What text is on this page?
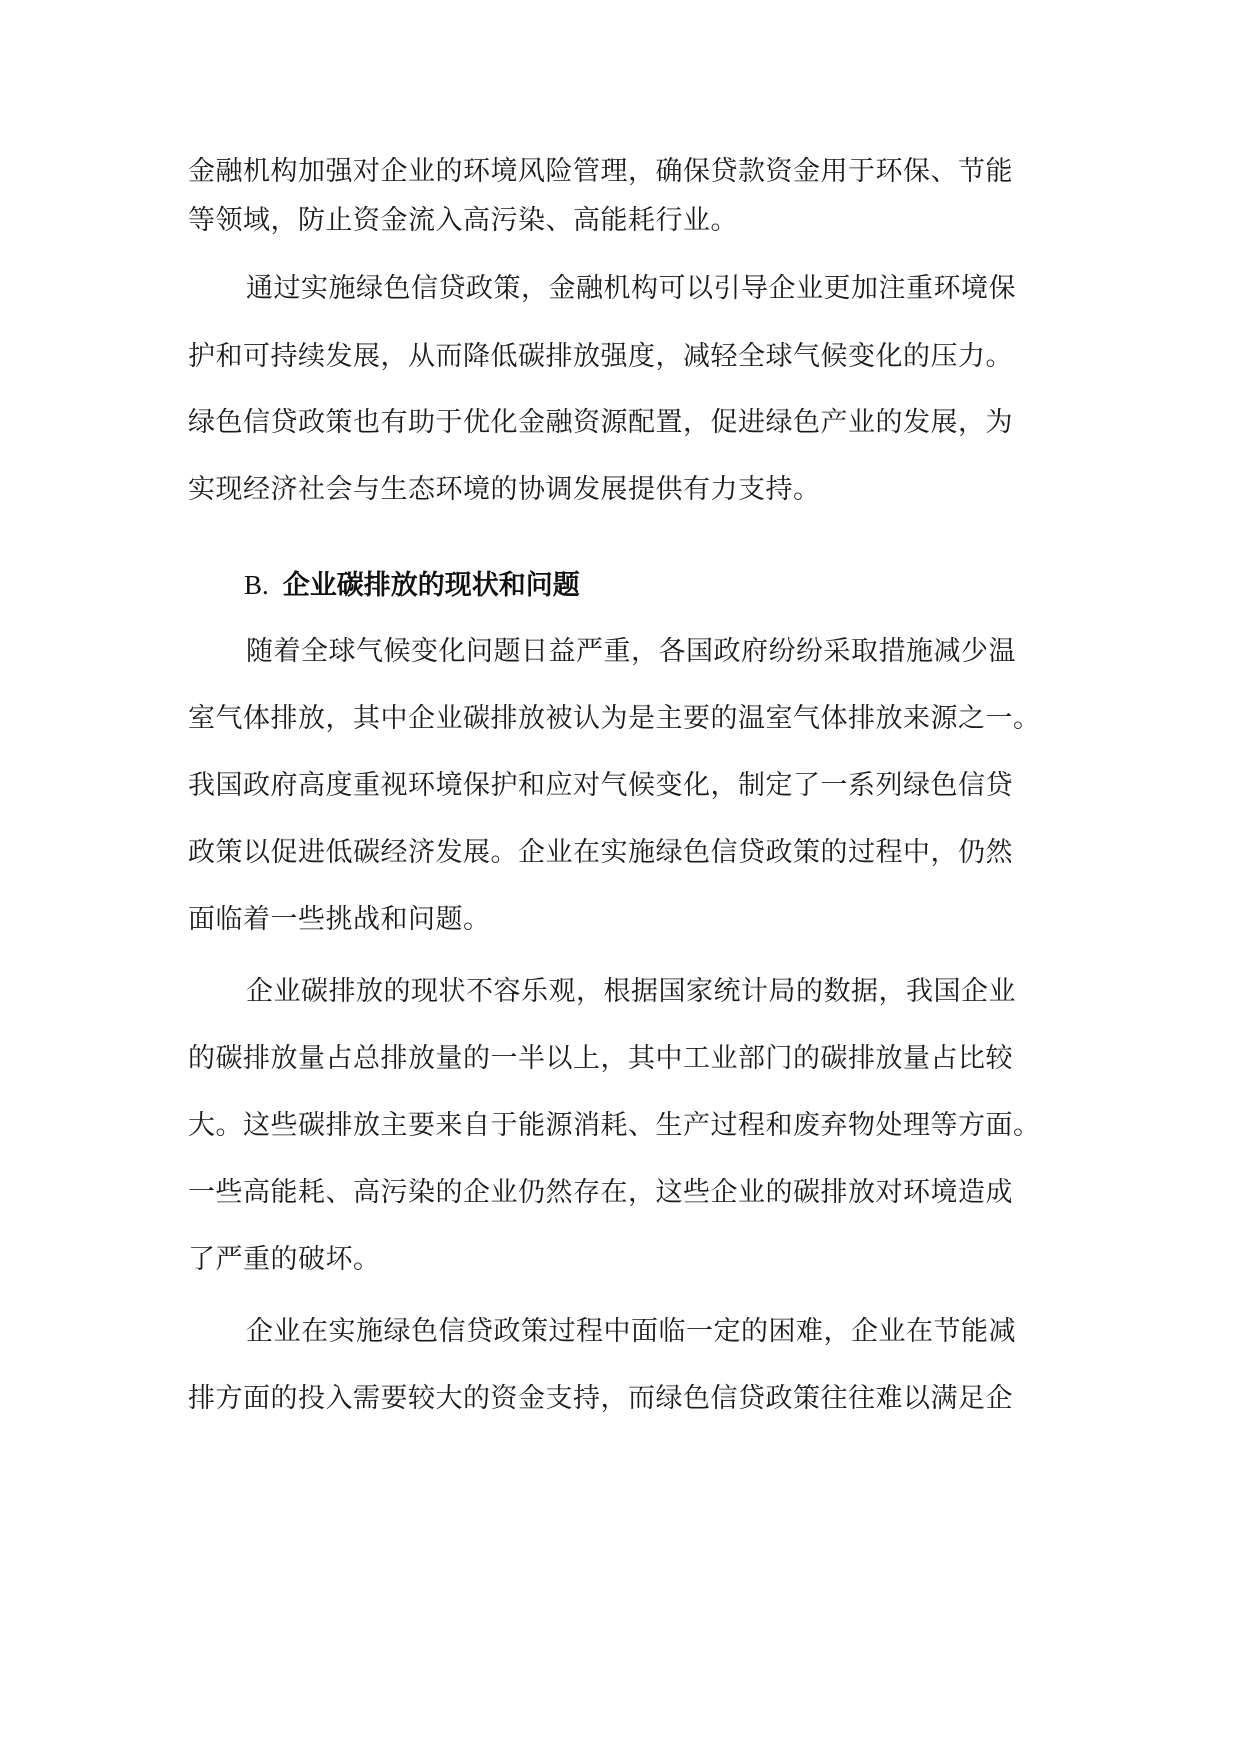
金融机构加强对企业的环境风险管理，确保贷款资金用于环保、节能
等领域，防止资金流入高污染、高能耗行业。
通过实施绿色信贷政策，金融机构可以引导企业更加注重环境保
护和可持续发展，从而降低碳排放强度，减轻全球气候变化的压力。
绿色信贷政策也有助于优化金融资源配置，促进绿色产业的发展，为
实现经济社会与生态环境的协调发展提供有力支持。
B. 企业碳排放的现状和问题
随着全球气候变化问题日益严重，各国政府纷纷采取措施减少温
室气体排放，其中企业碳排放被认为是主要的温室气体排放来源之一。
我国政府高度重视环境保护和应对气候变化，制定了一系列绿色信贷
政策以促进低碳经济发展。企业在实施绿色信贷政策的过程中，仍然
面临着一些挑战和问题。
企业碳排放的现状不容乐观，根据国家统计局的数据，我国企业
的碳排放量占总排放量的一半以上，其中工业部门的碳排放量占比较
大。这些碳排放主要来自于能源消耗、生产过程和废弃物处理等方面。
一些高能耗、高污染的企业仍然存在，这些企业的碳排放对环境造成
了严重的破坏。
企业在实施绿色信贷政策过程中面临一定的困难，企业在节能减
排方面的投入需要较大的资金支持，而绿色信贷政策往往难以满足企
